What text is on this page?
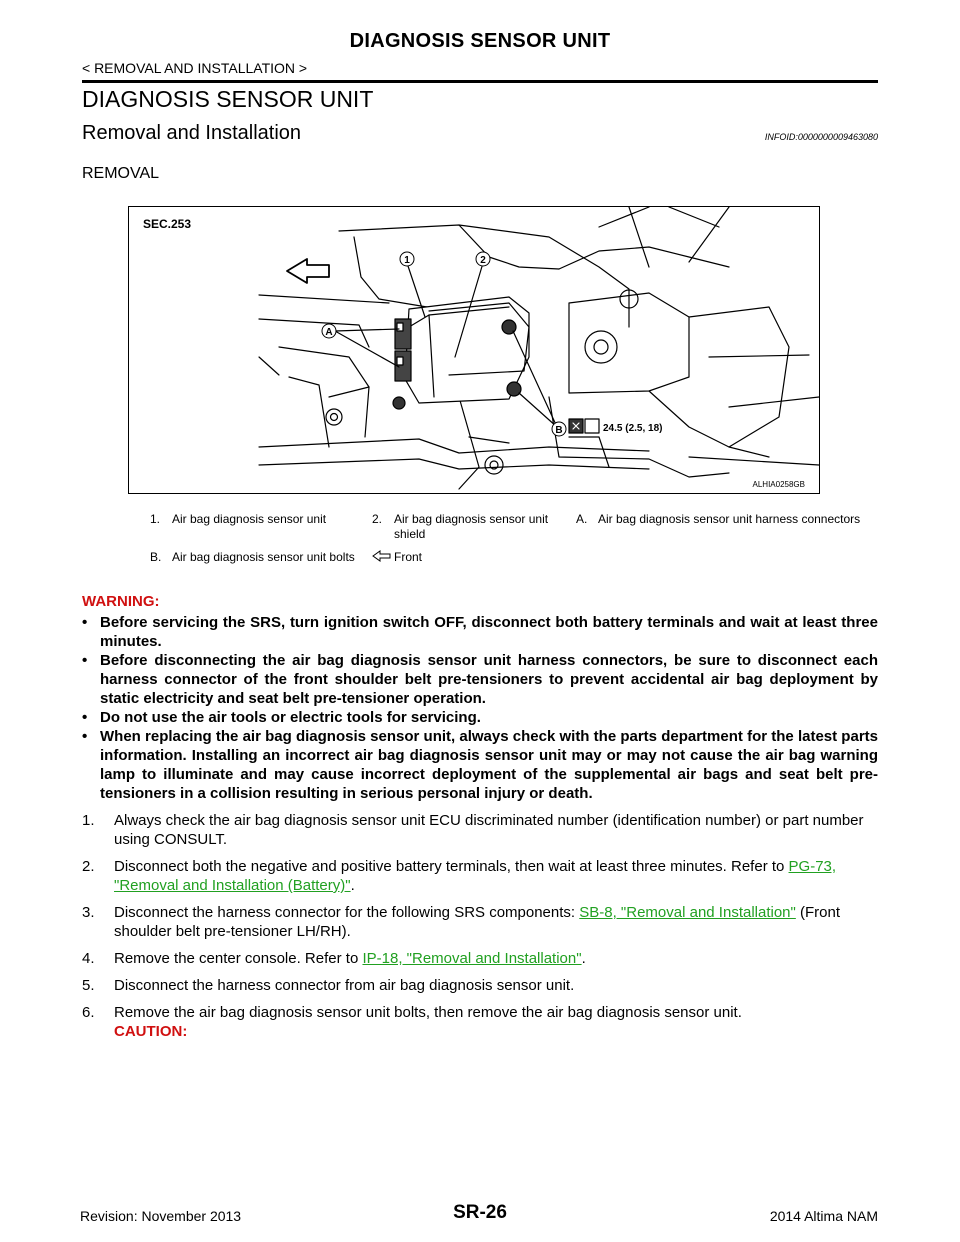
DIAGNOSIS SENSOR UNIT
< REMOVAL AND INSTALLATION >
DIAGNOSIS SENSOR UNIT
Removal and Installation	INFOID:0000000009463080
REMOVAL
SEC.253
1	2
A
B	24.5 (2.5, 18)
ALHIA0258GB
1.	Air bag diagnosis sensor unit	2.	Air bag diagnosis sensor unit shield	A.	Air bag diagnosis sensor unit harness connectors
B.	Air bag diagnosis sensor unit bolts		Front		
WARNING:
• Before servicing the SRS, turn ignition switch OFF, disconnect both battery terminals and wait at least three minutes.
• Before disconnecting the air bag diagnosis sensor unit harness connectors, be sure to disconnect each harness connector of the front shoulder belt pre-tensioners to prevent accidental air bag deployment by static electricity and seat belt pre-tensioner operation.
• Do not use the air tools or electric tools for servicing.
• When replacing the air bag diagnosis sensor unit, always check with the parts department for the latest parts information. Installing an incorrect air bag diagnosis sensor unit may or may not cause the air bag warning lamp to illuminate and may cause incorrect deployment of the supplemental air bags and seat belt pre-tensioners in a collision resulting in serious personal injury or death.
1. Always check the air bag diagnosis sensor unit ECU discriminated number (identification number) or part number using CONSULT.
2. Disconnect both the negative and positive battery terminals, then wait at least three minutes. Refer to PG-73, "Removal and Installation (Battery)".
3. Disconnect the harness connector for the following SRS components: SB-8, "Removal and Installation" (Front shoulder belt pre-tensioner LH/RH).
4. Remove the center console. Refer to IP-18, "Removal and Installation".
5. Disconnect the harness connector from air bag diagnosis sensor unit.
6. Remove the air bag diagnosis sensor unit bolts, then remove the air bag diagnosis sensor unit.
CAUTION:
Revision: November 2013	SR-26	2014 Altima NAM
